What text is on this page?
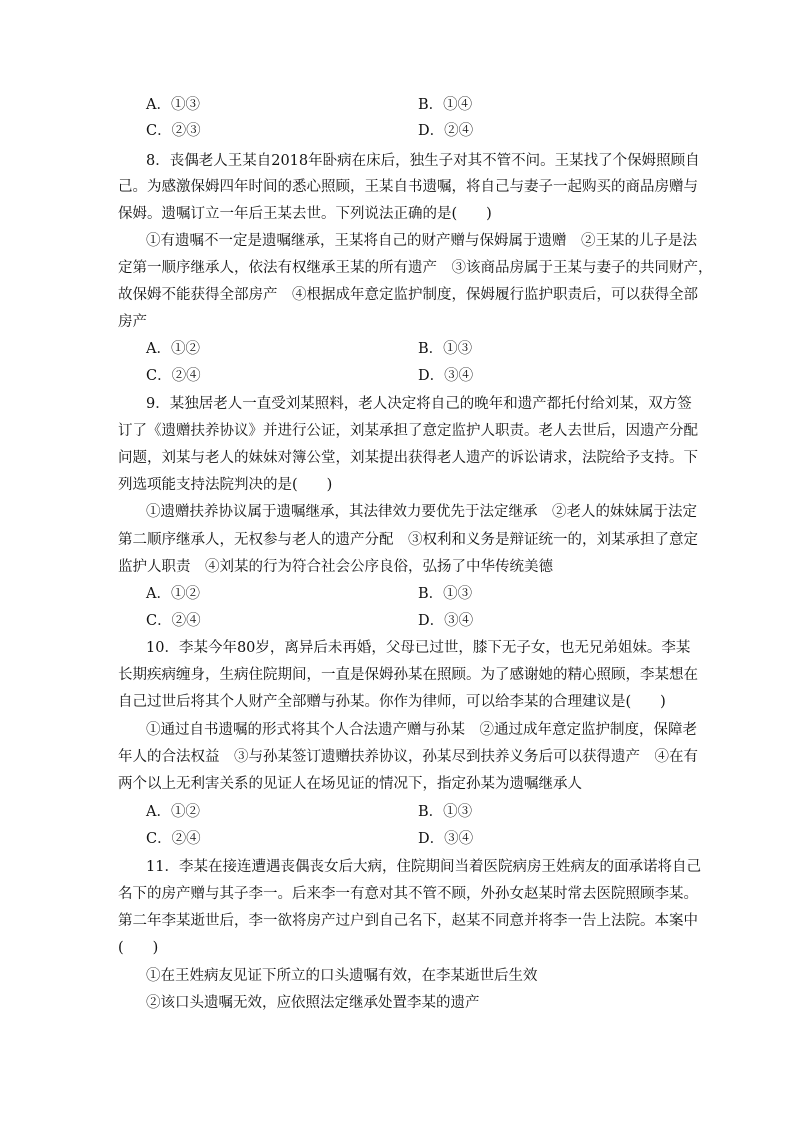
A．①③	B．①④
C．②③	D．②④
8．丧偶老人王某自2018年卧病在床后，独生子对其不管不问。王某找了个保姆照顾自
己。为感激保姆四年时间的悉心照顾，王某自书遗嘱，将自己与妻子一起购买的商品房赠与
保姆。遗嘱订立一年后王某去世。下列说法正确的是(　　)
①有遗嘱不一定是遗嘱继承，王某将自己的财产赠与保姆属于遗赠　②王某的儿子是法
定第一顺序继承人，依法有权继承王某的所有遗产　③该商品房属于王某与妻子的共同财产，
故保姆不能获得全部房产　④根据成年意定监护制度，保姆履行监护职责后，可以获得全部
房产
A．①②	B．①③
C．②④	D．③④
9．某独居老人一直受刘某照料，老人决定将自己的晚年和遗产都托付给刘某，双方签
订了《遗赠扶养协议》并进行公证，刘某承担了意定监护人职责。老人去世后，因遗产分配
问题，刘某与老人的妹妹对簿公堂，刘某提出获得老人遗产的诉讼请求，法院给予支持。下
列选项能支持法院判决的是(　　)
①遗赠扶养协议属于遗嘱继承，其法律效力要优先于法定继承　②老人的妹妹属于法定
第二顺序继承人，无权参与老人的遗产分配　③权利和义务是辩证统一的，刘某承担了意定
监护人职责　④刘某的行为符合社会公序良俗，弘扬了中华传统美德
A．①②	B．①③
C．②④	D．③④
10．李某今年80岁，离异后未再婚，父母已过世，膝下无子女，也无兄弟姐妹。李某
长期疾病缠身，生病住院期间，一直是保姆孙某在照顾。为了感谢她的精心照顾，李某想在
自己过世后将其个人财产全部赠与孙某。你作为律师，可以给李某的合理建议是(　　)
①通过自书遗嘱的形式将其个人合法遗产赠与孙某　②通过成年意定监护制度，保障老
年人的合法权益　③与孙某签订遗赠扶养协议，孙某尽到扶养义务后可以获得遗产　④在有
两个以上无利害关系的见证人在场见证的情况下，指定孙某为遗嘱继承人
A．①②	B．①③
C．②④	D．③④
11．李某在接连遭遇丧偶丧女后大病，住院期间当着医院病房王姓病友的面承诺将自己
名下的房产赠与其子李一。后来李一有意对其不管不顾，外孙女赵某时常去医院照顾李某。
第二年李某逝世后，李一欲将房产过户到自己名下，赵某不同意并将李一告上法院。本案中
(　　)
①在王姓病友见证下所立的口头遗嘱有效，在李某逝世后生效
②该口头遗嘱无效，应依照法定继承处置李某的遗产
